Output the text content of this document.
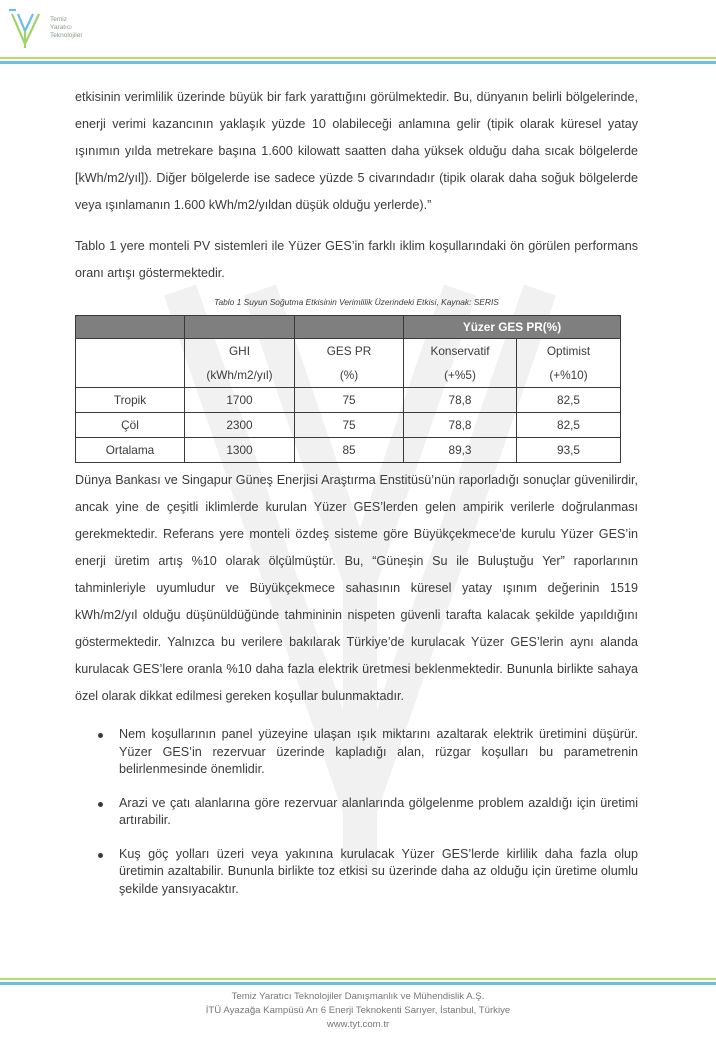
Temiz
Yaratıcı
Teknolojiler

etkisinin verimlilik üzerinde büyük bir fark yarattığını görülmektedir. Bu, dünyanın belirli bölgelerinde, enerji verimi kazancının yaklaşık yüzde 10 olabileceği anlamına gelir (tipik olarak küresel yatay ışınımın yılda metrekare başına 1.600 kilowatt saatten daha yüksek olduğu daha sıcak bölgelerde [kWh/m2/yıl]). Diğer bölgelerde ise sadece yüzde 5 civarındadır (tipik olarak daha soğuk bölgelerde veya ışınlamanın 1.600 kWh/m2/yıldan düşük olduğu yerlerde).”

Tablo 1 yere monteli PV sistemleri ile Yüzer GES’in farklı iklim koşullarındaki ön görülen performans oranı artışı göstermektedir.

Tablo 1 Suyun Soğutma Etkisinin Verimlilik Üzerindeki Etkisi, Kaynak: SERIS
			Yüzer GES PR(%)	
	GHI	GES PR	Konservatif	Optimist
	(kWh/m2/yıl)	(%)	(+%5)	(+%10)
Tropik	1700	75	78,8	82,5
Çöl	2300	75	78,8	82,5
Ortalama	1300	85	89,3	93,5

Dünya Bankası ve Singapur Güneş Enerjisi Araştırma Enstitüsü’nün raporladığı sonuçlar güvenilirdir, ancak yine de çeşitli iklimlerde kurulan Yüzer GES’lerden gelen ampirik verilerle doğrulanması gerekmektedir. Referans yere monteli özdeş sisteme göre Büyükçekmece'de kurulu Yüzer GES’in enerji üretim artış %10 olarak ölçülmüştür. Bu, “Güneşin Su ile Buluştuğu Yer” raporlarının tahminleriyle uyumludur ve Büyükçekmece sahasının küresel yatay ışınım değerinin 1519 kWh/m2/yıl olduğu düşünüldüğünde tahmininin nispeten güvenli tarafta kalacak şekilde yapıldığını göstermektedir. Yalnızca bu verilere bakılarak Türkiye’de kurulacak Yüzer GES’lerin aynı alanda kurulacak GES’lere oranla %10 daha fazla elektrik üretmesi beklenmektedir. Bununla birlikte sahaya özel olarak dikkat edilmesi gereken koşullar bulunmaktadır.

Nem koşullarının panel yüzeyine ulaşan ışık miktarını azaltarak elektrik üretimini düşürür. Yüzer GES’in rezervuar üzerinde kapladığı alan, rüzgar koşulları bu parametrenin belirlenmesinde önemlidir.
Arazi ve çatı alanlarına göre rezervuar alanlarında gölgelenme problem azaldığı için üretimi artırabilir.
Kuş göç yolları üzeri veya yakınına kurulacak Yüzer GES’lerde kirlilik daha fazla olup üretimin azaltabilir. Bununla birlikte toz etkisi su üzerinde daha az olduğu için üretime olumlu şekilde yansıyacaktır.
Temiz Yaratıcı Teknolojiler Danışmanlık ve Mühendislik A.Ş.
İTÜ Ayazağa Kampüsü Arı 6 Enerji Teknokenti Sarıyer, İstanbul, Türkiye
www.tyt.com.tr
